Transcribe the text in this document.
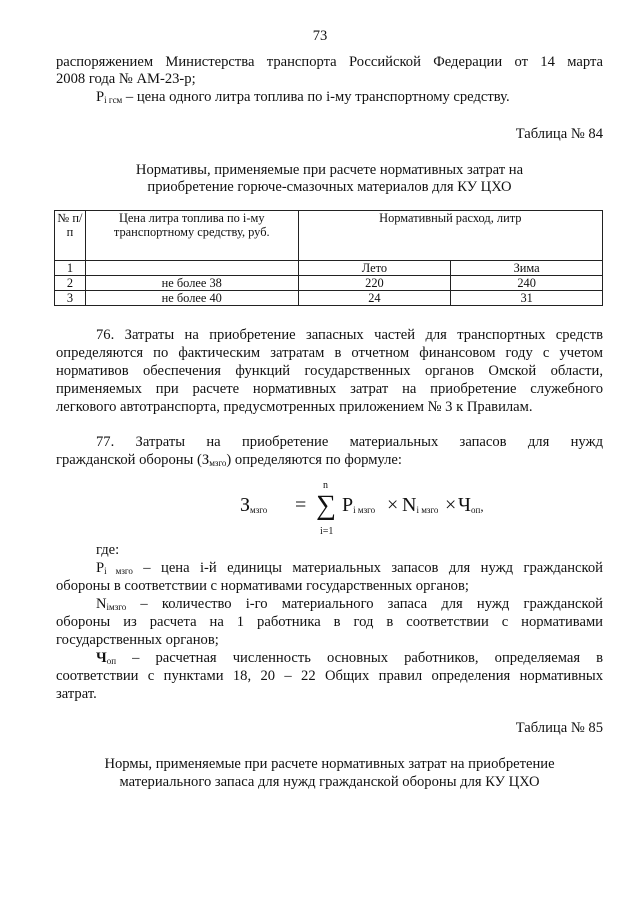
73
распоряжением Министерства транспорта Российской Федерации от 14 марта
2008 года № АМ-23-р;
$P_{i гсм}$ – цена одного литра топлива по i-му транспортному средству.
Таблица № 84
Нормативы, применяемые при расчете нормативных затрат на
приобретение горюче-смазочных материалов для КУ ЦХО
№ п/п	Цена литра топлива по i-му транспортному средству, руб.	Нормативный расход, литр	
1		Лето	Зима
2	не более 38	220	240
3	не более 40	24	31
76. Затраты на приобретение запасных частей для транспортных средств
определяются по фактическим затратам в отчетном финансовом году с учетом
нормативов обеспечения функций государственных органов Омской области,
применяемых при расчете нормативных затрат на приобретение служебного
легкового автотранспорта, предусмотренных приложением № 3 к Правилам.
77. Затраты на приобретение материальных запасов для нужд
гражданской обороны $(З_{мзго})$ определяются по формуле:
$З_{мзго}$ = ∑
n
i=1
$P_{i мзго} \times N_{i мзго} \times Ч_{оп}$,
где:
$P_{i мзго}$ – цена i-й единицы материальных запасов для нужд гражданской
обороны в соответствии с нормативами государственных органов;
$N_{iмзго}$ – количество i-го материального запаса для нужд гражданской
обороны из расчета на 1 работника в год в соответствии с нормативами
государственных органов;
$Ч_{оп}$ – расчетная численность основных работников, определяемая в
соответствии с пунктами 18, 20 – 22 Общих правил определения нормативных
затрат.
Таблица № 85
Нормы, применяемые при расчете нормативных затрат на приобретение
материального запаса для нужд гражданской обороны для КУ ЦХО
